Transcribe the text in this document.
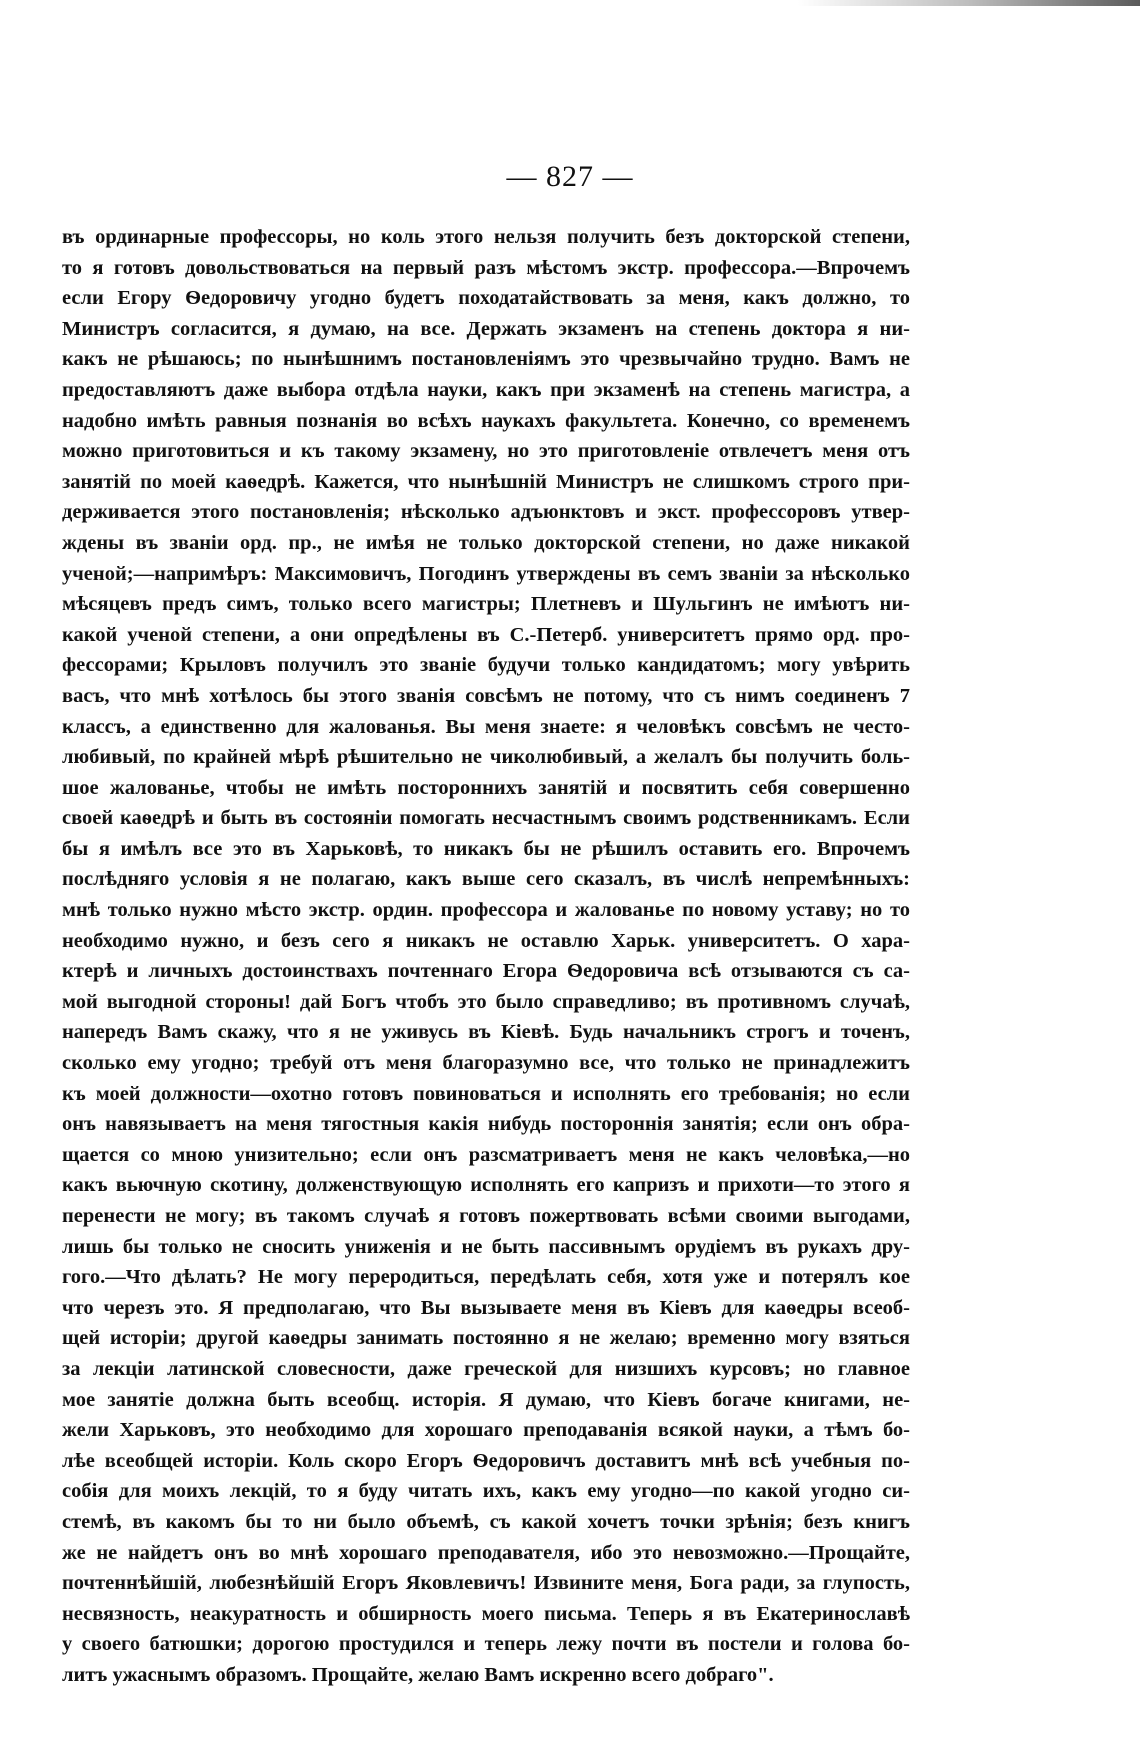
— 827 —
въ ординарные профессоры, но коль этого нельзя получить безъ докторской степени,
то я готовъ довольствоваться на первый разъ мѣстомъ экстр. профессора.—Впрочемъ
если Егору Ѳедоровичу угодно будетъ походатайствовать за меня, какъ должно, то
Министръ согласится, я думаю, на все. Держать экзаменъ на степень доктора я ни-
какъ не рѣшаюсь; по нынѣшнимъ постановленіямъ это чрезвычайно трудно. Вамъ не
предоставляютъ даже выбора отдѣла науки, какъ при экзаменѣ на степень магистра, а
надобно имѣть равныя познанія во всѣхъ наукахъ факультета. Конечно, со временемъ
можно приготовиться и къ такому экзамену, но это приготовленіе отвлечетъ меня отъ
занятій по моей каѳедрѣ. Кажется, что нынѣшній Министръ не слишкомъ строго при-
держивается этого постановленія; нѣсколько адъюнктовъ и экст. профессоровъ утвер-
ждены въ званіи орд. пр., не имѣя не только докторской степени, но даже никакой
ученой;—напримѣръ: Максимовичъ, Погодинъ утверждены въ семъ званіи за нѣсколько
мѣсяцевъ предъ симъ, только всего магистры; Плетневъ и Шульгинъ не имѣютъ ни-
какой ученой степени, а они опредѣлены въ С.-Петерб. университетъ прямо орд. про-
фессорами; Крыловъ получилъ это званіе будучи только кандидатомъ; могу увѣрить
васъ, что мнѣ хотѣлось бы этого званія совсѣмъ не потому, что съ нимъ соединенъ 7
классъ, а единственно для жалованья. Вы меня знаете: я человѣкъ совсѣмъ не често-
любивый, по крайней мѣрѣ рѣшительно не чиколюбивый, а желалъ бы получить боль-
шое жалованье, чтобы не имѣть постороннихъ занятій и посвятить себя совершенно
своей каѳедрѣ и быть въ состояніи помогать несчастнымъ своимъ родственникамъ. Если
бы я имѣлъ все это въ Харьковѣ, то никакъ бы не рѣшилъ оставить его. Впрочемъ
послѣдняго условія я не полагаю, какъ выше сего сказалъ, въ числѣ непремѣнныхъ:
мнѣ только нужно мѣсто экстр. ордин. профессора и жалованье по новому уставу; но то
необходимо нужно, и безъ сего я никакъ не оставлю Харьк. университетъ. О хара-
ктерѣ и личныхъ достоинствахъ почтеннаго Егора Ѳедоровича всѣ отзываются съ са-
мой выгодной стороны! дай Богъ чтобъ это было справедливо; въ противномъ случаѣ,
напередъ Вамъ скажу, что я не уживусь въ Кіевѣ. Будь начальникъ строгъ и точенъ,
сколько ему угодно; требуй отъ меня благоразумно все, что только не принадлежитъ
къ моей должности—охотно готовъ повиноваться и исполнять его требованія; но если
онъ навязываетъ на меня тягостныя какія нибудь постороннія занятія; если онъ обра-
щается со мною унизительно; если онъ разсматриваетъ меня не какъ человѣка,—но
какъ вьючную скотину, долженствующую исполнять его капризъ и прихоти—то этого я
перенести не могу; въ такомъ случаѣ я готовъ пожертвовать всѣми своими выгодами,
лишь бы только не сносить униженія и не быть пассивнымъ орудіемъ въ рукахъ дру-
гого.—Что дѣлать? Не могу переродиться, передѣлать себя, хотя уже и потерялъ кое
что черезъ это. Я предполагаю, что Вы вызываете меня въ Кіевъ для каѳедры всеоб-
щей исторіи; другой каѳедры занимать постоянно я не желаю; временно могу взяться
за лекціи латинской словесности, даже греческой для низшихъ курсовъ; но главное
мое занятіе должна быть всеобщ. исторія. Я думаю, что Кіевъ богаче книгами, не-
жели Харьковъ, это необходимо для хорошаго преподаванія всякой науки, а тѣмъ бо-
лѣе всеобщей исторіи. Коль скоро Егоръ Ѳедоровичъ доставитъ мнѣ всѣ учебныя по-
собія для моихъ лекцій, то я буду читать ихъ, какъ ему угодно—по какой угодно си-
стемѣ, въ какомъ бы то ни было объемѣ, съ какой хочетъ точки зрѣнія; безъ книгъ
же не найдетъ онъ во мнѣ хорошаго преподавателя, ибо это невозможно.—Прощайте,
почтеннѣйшій, любезнѣйшій Егоръ Яковлевичъ! Извините меня, Бога ради, за глупость,
несвязность, неакуратность и обширность моего письма. Теперь я въ Екатеринославѣ
у своего батюшки; дорогою простудился и теперь лежу почти въ постели и голова бо-
литъ ужаснымъ образомъ. Прощайте, желаю Вамъ искренно всего добраго".
